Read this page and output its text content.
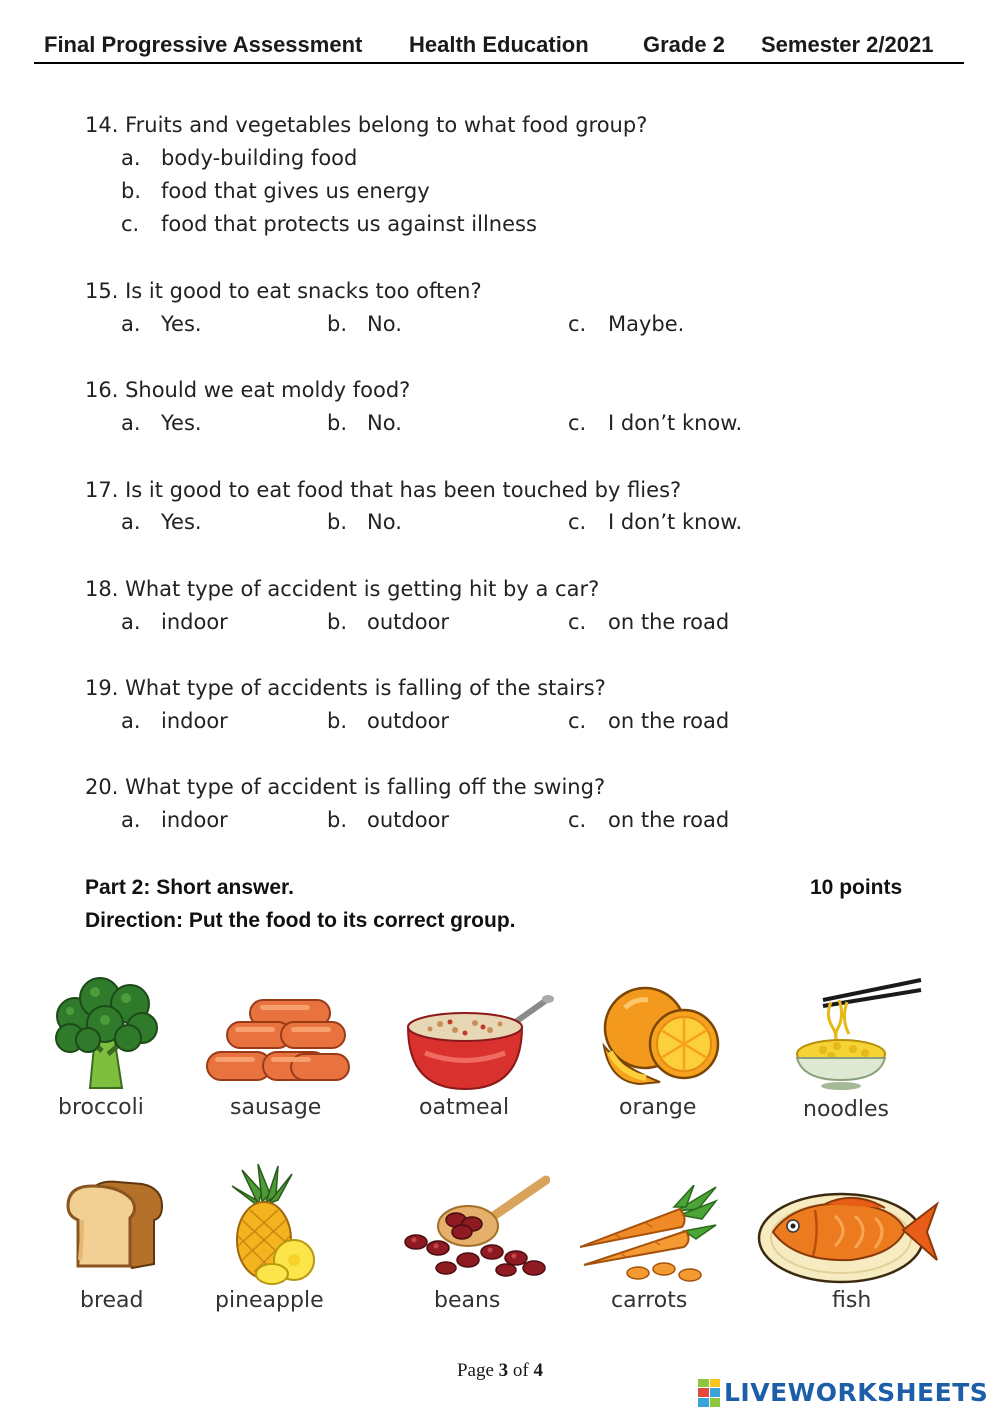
Final Progressive Assessment Health Education Grade 2 Semester 2/2021
14. Fruits and vegetables belong to what food group?
a. body-building food
b. food that gives us energy
c. food that protects us against illness
15. Is it good to eat snacks too often?
a. Yes.	b. No.	c. Maybe.
16. Should we eat moldy food?
a. Yes.	b. No.	c. I don’t know.
17. Is it good to eat food that has been touched by flies?
a. Yes.	b. No.	c. I don’t know.
18. What type of accident is getting hit by a car?
a. indoor	b. outdoor	c. on the road
19. What type of accidents is falling of the stairs?
a. indoor	b. outdoor	c. on the road
20. What type of accident is falling off the swing?
a. indoor	b. outdoor	c. on the road
Part 2: Short answer.	10 points
Direction: Put the food to its correct group.
broccoli	sausage	oatmeal	orange	noodles
bread	pineapple	beans	carrots	fish
Page 3 of 4
LIVEWORKSHEETS
